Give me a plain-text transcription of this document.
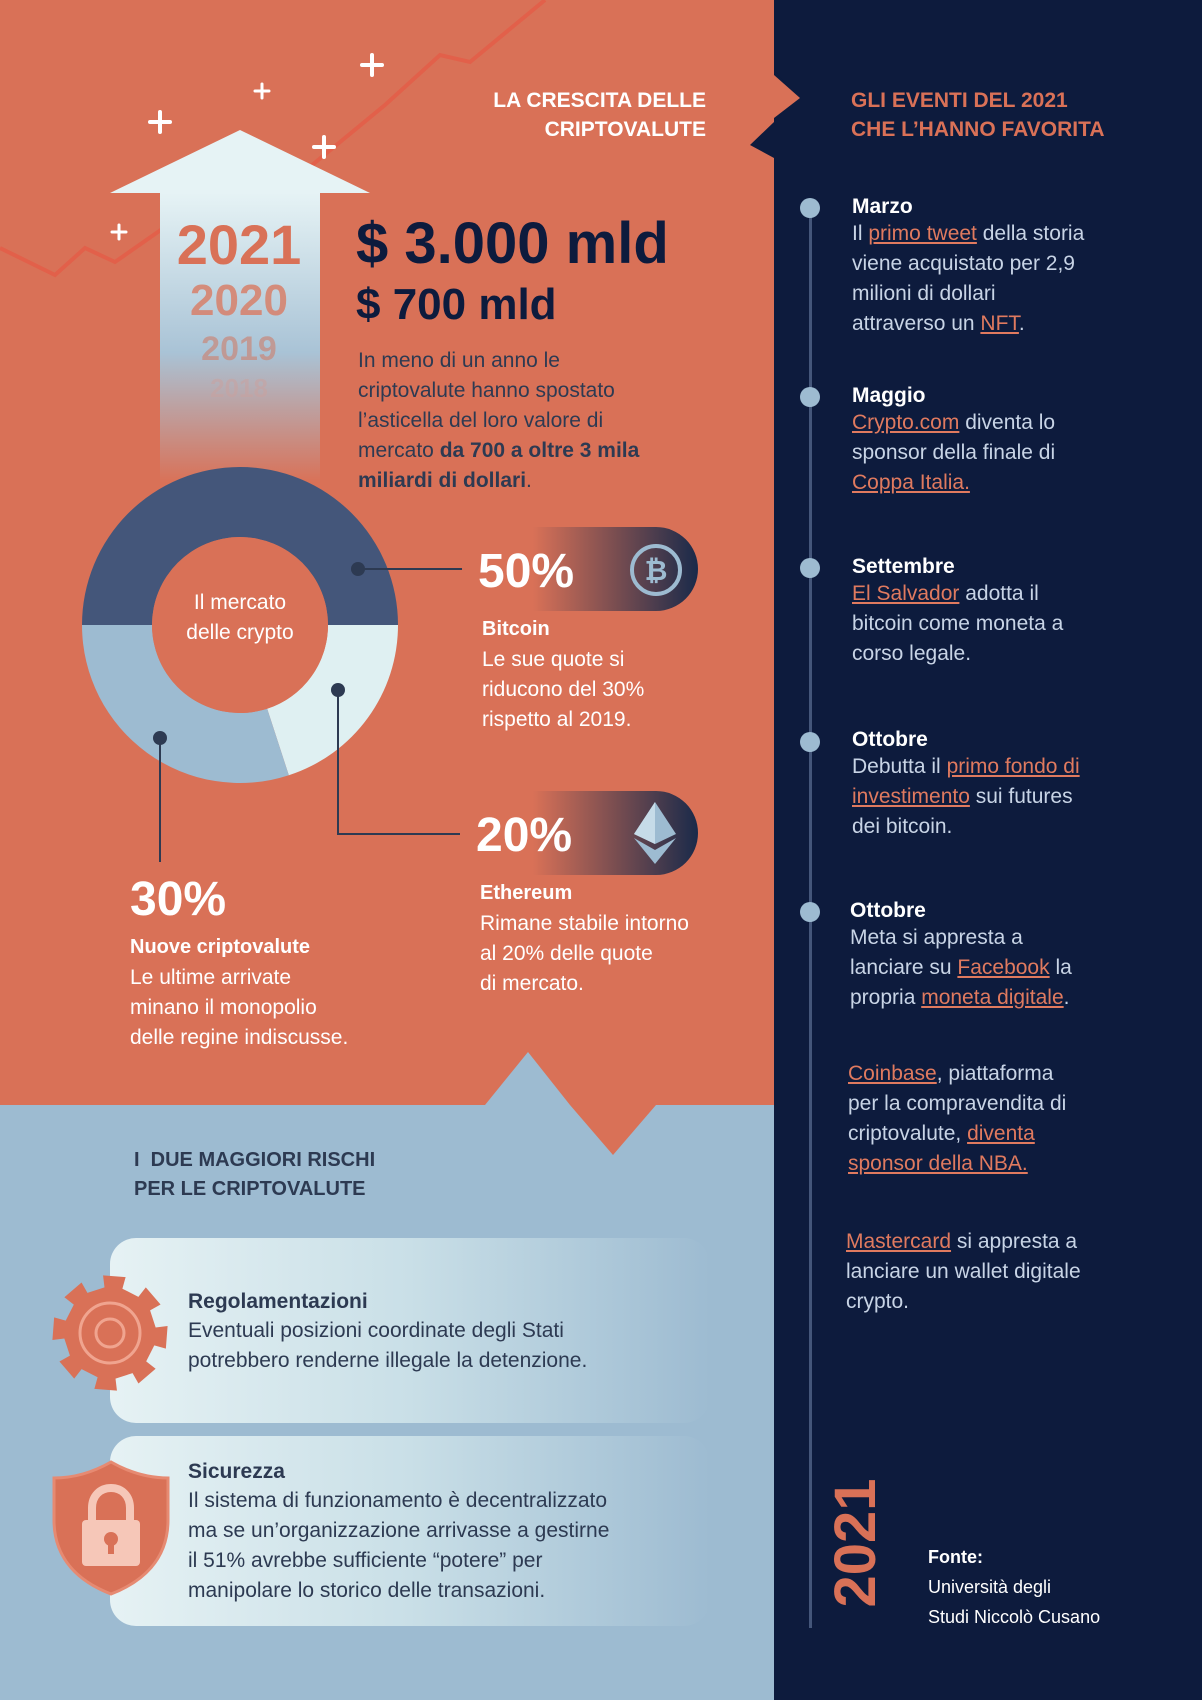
LA CRESCITA DELLE
CRIPTOVALUTE
GLI EVENTI DEL 2021
CHE L’HANNO FAVORITA
2021
2020
2019
2018
$ 3.000 mld
$ 700 mld
In meno di un anno le
criptovalute hanno spostato
l’asticella del loro valore di
mercato da 700 a oltre 3 mila
miliardi di dollari.
Il mercato
delle crypto
50%	₿
Bitcoin
Le sue quote si
riducono del 30%
rispetto al 2019.
20%
Ethereum
Rimane stabile intorno
al 20% delle quote
di mercato.
30%
Nuove criptovalute
Le ultime arrivate
minano il monopolio
delle regine indiscusse.
I  DUE MAGGIORI RISCHI
PER LE CRIPTOVALUTE
Regolamentazioni
Eventuali posizioni coordinate degli Stati
potrebbero renderne illegale la detenzione.
Sicurezza
Il sistema di funzionamento è decentralizzato
ma se un’organizzazione arrivasse a gestirne
il 51% avrebbe sufficiente “potere” per
manipolare lo storico delle transazioni.
Marzo
Il primo tweet della storia
viene acquistato per 2,9
milioni di dollari
attraverso un NFT.
Maggio
Crypto.com diventa lo
sponsor della finale di
Coppa Italia.
Settembre
El Salvador adotta il
bitcoin come moneta a
corso legale.
Ottobre
Debutta il primo fondo di
investimento sui futures
dei bitcoin.
Ottobre
Meta si appresta a
lanciare su Facebook la
propria moneta digitale.
Coinbase, piattaforma
per la compravendita di
criptovalute, diventa
sponsor della NBA.
Mastercard si appresta a
lanciare un wallet digitale
crypto.
2021 Fonte:
Università degli
Studi Niccolò Cusano
